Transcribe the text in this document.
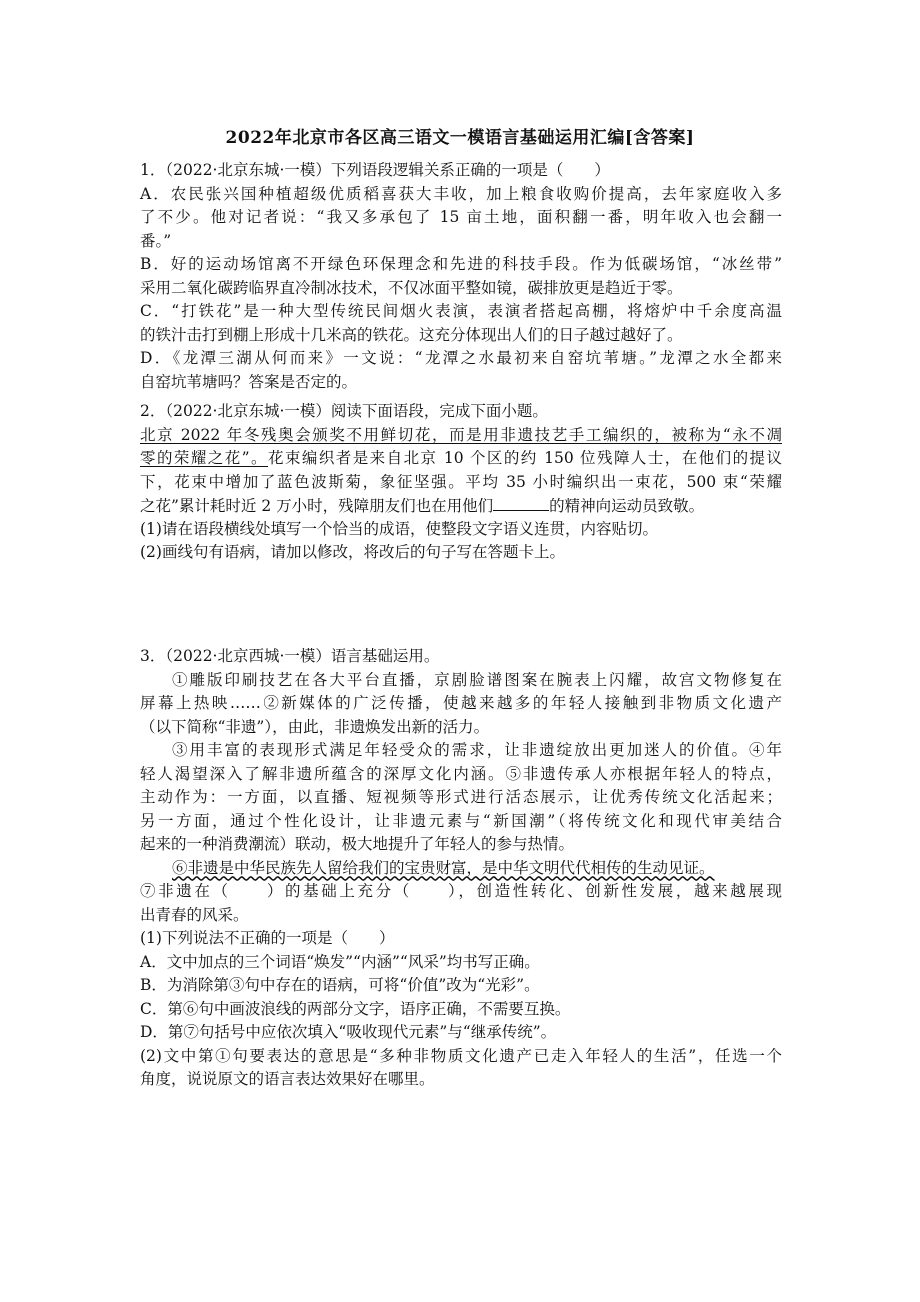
2022年北京市各区高三语文一模语言基础运用汇编[含答案]
1．（2022·北京东城·一模）下列语段逻辑关系正确的一项是（　　）
A．农民张兴国种植超级优质稻喜获大丰收，加上粮食收购价提高，去年家庭收入多
了不少。他对记者说：“我又多承包了 15 亩土地，面积翻一番，明年收入也会翻一
番。”
B．好的运动场馆离不开绿色环保理念和先进的科技手段。作为低碳场馆，“冰丝带”
采用二氧化碳跨临界直冷制冰技术，不仅冰面平整如镜，碳排放更是趋近于零。
C．“打铁花”是一种大型传统民间烟火表演，表演者搭起高棚，将熔炉中千余度高温
的铁汁击打到棚上形成十几米高的铁花。这充分体现出人们的日子越过越好了。
D．《龙潭三湖从何而来》一文说：“龙潭之水最初来自窑坑苇塘。”龙潭之水全都来
自窑坑苇塘吗？答案是否定的。
2．（2022·北京东城·一模）阅读下面语段，完成下面小题。
北京 2022 年冬残奥会颁奖不用鲜切花，而是用非遗技艺手工编织的，被称为“永不凋
零的荣耀之花”。花束编织者是来自北京 10 个区的约 150 位残障人士，在他们的提议
下，花束中增加了蓝色波斯菊，象征坚强。平均 35 小时编织出一束花，500 束“荣耀
之花”累计耗时近 2 万小时，残障朋友们也在用他们	的精神向运动员致敬。
(1)请在语段横线处填写一个恰当的成语，使整段文字语义连贯，内容贴切。
(2)画线句有语病，请加以修改，将改后的句子写在答题卡上。
3．（2022·北京西城·一模）语言基础运用。
①雕版印刷技艺在各大平台直播，京剧脸谱图案在腕表上闪耀，故宫文物修复在
屏幕上热映……②新媒体的广泛传播，使越来越多的年轻人接触到非物质文化遗产
（以下简称“非遗”），由此，非遗焕发出新的活力。
③用丰富的表现形式满足年轻受众的需求，让非遗绽放出更加迷人的价值。④年
轻人渴望深入了解非遗所蕴含的深厚文化内涵。⑤非遗传承人亦根据年轻人的特点，
主动作为：一方面，以直播、短视频等形式进行活态展示，让优秀传统文化活起来；
另一方面，通过个性化设计，让非遗元素与“新国潮”（将传统文化和现代审美结合
起来的一种消费潮流）联动，极大地提升了年轻人的参与热情。
⑥非遗是中华民族先人留给我们的宝贵财富，是中华文明代代相传的生动见证。
⑦非遗在（　　）的基础上充分（　　），创造性转化、创新性发展，越来越展现
出青春的风采。
(1)下列说法不正确的一项是（　　）
A．文中加点的三个词语“焕发”“内涵”“风采”均书写正确。
B．为消除第③句中存在的语病，可将“价值”改为“光彩”。
C．第⑥句中画波浪线的两部分文字，语序正确，不需要互换。
D．第⑦句括号中应依次填入“吸收现代元素”与“继承传统”。
(2)文中第①句要表达的意思是“多种非物质文化遗产已走入年轻人的生活”，任选一个
角度，说说原文的语言表达效果好在哪里。
